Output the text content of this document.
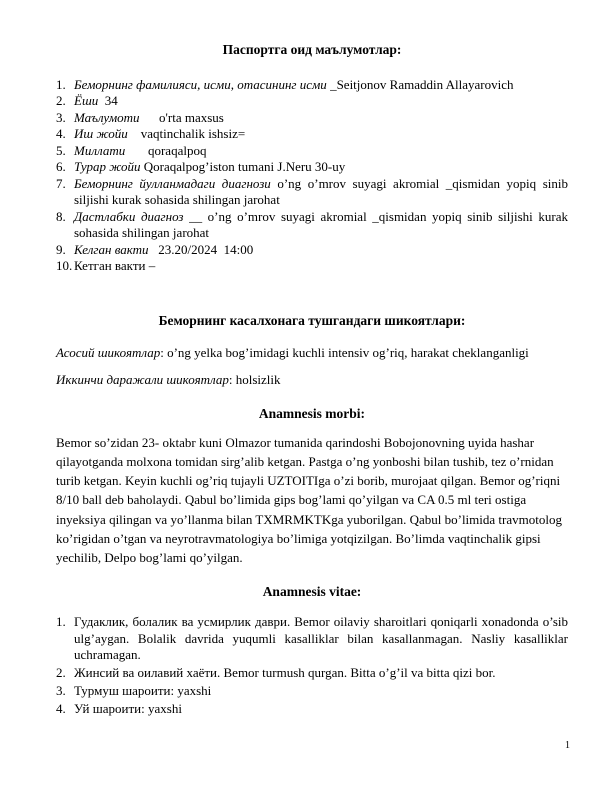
Паспортга оид маълумотлар:
1. Беморнинг фамилияси, исми, отасининг исми _Seitjonov Ramaddin Allayarovich
2. Ёши  34
3. Маълумоти      o'rta maxsus
4. Иш жойи    vaqtinchalik ishsiz=
5. Миллати       qoraqalpoq
6. Турар жойи Qoraqalpog’iston tumani J.Neru 30-uy
7. Беморнинг йулланмадаги диагнози o’ng o’mrov suyagi akromial _qismidan yopiq sinib siljishi kurak sohasida shilingan jarohat
8. Дастлабки диагноз __ o’ng o’mrov suyagi akromial _qismidan yopiq sinib siljishi kurak sohasida shilingan jarohat
9. Келган вакти   23.20/2024  14:00
10. Кетган вакти –
Беморнинг касалхонага тушгандаги шикоятлари:
Асосий шикоятлар: o’ng yelka bog’imidagi kuchli intensiv og’riq, harakat cheklanganligi
Иккинчи даражали шикоятлар: holsizlik
Anamnesis morbi:
Bemor so’zidan 23- oktabr kuni Olmazor tumanida qarindoshi Bobojonovning uyida hashar qilayotganda molxona tomidan sirg’alib ketgan. Pastga o’ng yonboshi bilan tushib, tez o’rnidan turib ketgan. Keyin kuchli og’riq tujayli UZTOITIga o’zi borib, murojaat qilgan. Bemor og’riqni 8/10 ball deb baholaydi. Qabul bo’limida gips bog’lami qo’yilgan va CA 0.5 ml teri ostiga inyeksiya qilingan va yo’llanma bilan TXMRMKTKga yuborilgan. Qabul bo’limida travmotolog ko’rigidan o’tgan va neyrotravmatologiya bo’limiga yotqizilgan. Bo’limda vaqtinchalik gipsi yechilib, Delpo bog’lami qo’yilgan.
Anamnesis vitae:
1. Гудаклик, болалик ва усмирлик даври. Bemor oilaviy sharoitlari qoniqarli xonadonda o’sib ulg’aygan. Bolalik davrida yuqumli kasalliklar bilan kasallanmagan. Nasliy kasalliklar uchramagan.
2. Жинсий ва оилавий хаёти. Bemor turmush qurgan. Bitta o’g’il va bitta qizi bor.
3. Турмуш шароити: yaxshi
4. Уй шароити: yaxshi
1
